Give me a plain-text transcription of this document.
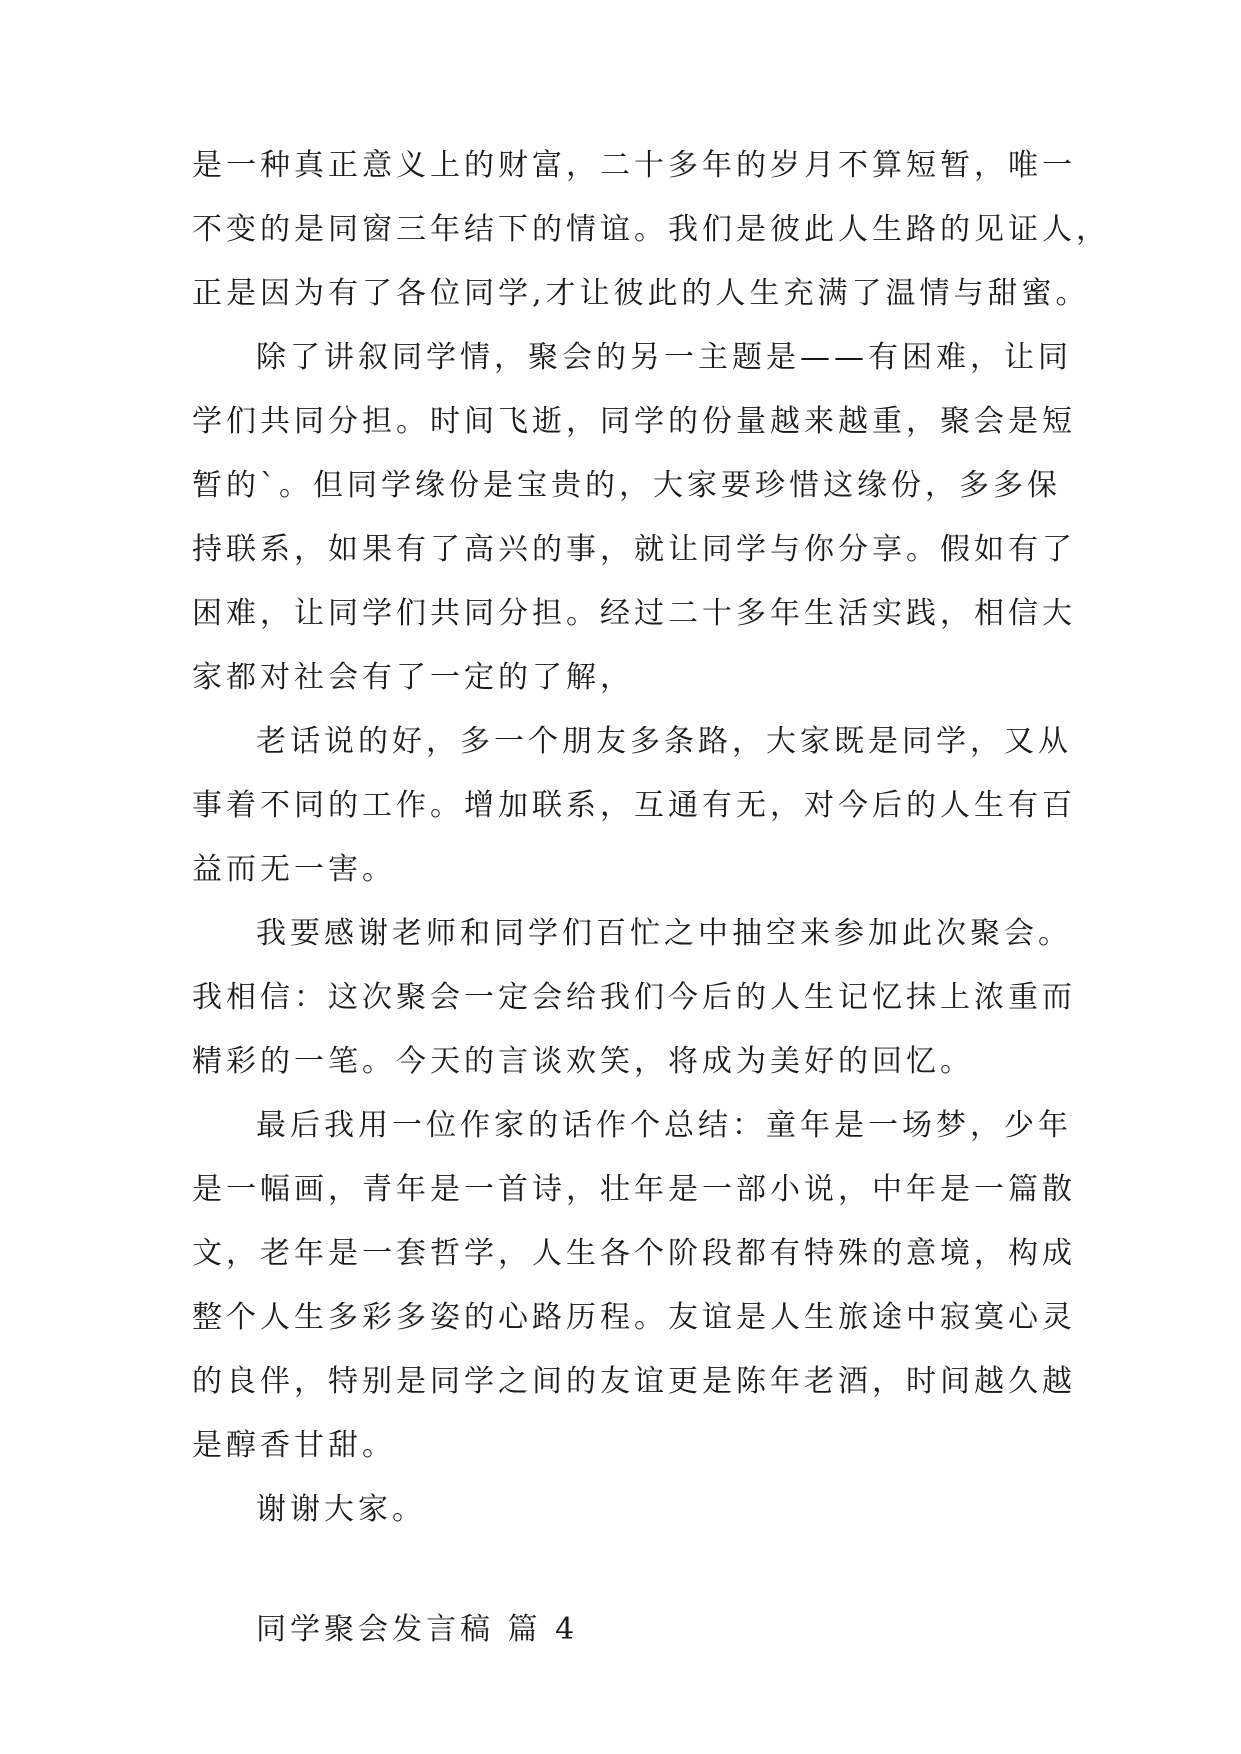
是一种真正意义上的财富，二十多年的岁月不算短暂，唯一
不变的是同窗三年结下的情谊。我们是彼此人生路的见证人，
正是因为有了各位同学,才让彼此的人生充满了温情与甜蜜。
除了讲叙同学情，聚会的另一主题是——有困难，让同
学们共同分担。时间飞逝，同学的份量越来越重，聚会是短
暂的`。但同学缘份是宝贵的，大家要珍惜这缘份，多多保
持联系，如果有了高兴的事，就让同学与你分享。假如有了
困难，让同学们共同分担。经过二十多年生活实践，相信大
家都对社会有了一定的了解，
老话说的好，多一个朋友多条路，大家既是同学，又从
事着不同的工作。增加联系，互通有无，对今后的人生有百
益而无一害。
我要感谢老师和同学们百忙之中抽空来参加此次聚会。
我相信：这次聚会一定会给我们今后的人生记忆抹上浓重而
精彩的一笔。今天的言谈欢笑，将成为美好的回忆。
最后我用一位作家的话作个总结：童年是一场梦，少年
是一幅画，青年是一首诗，壮年是一部小说，中年是一篇散
文，老年是一套哲学，人生各个阶段都有特殊的意境，构成
整个人生多彩多姿的心路历程。友谊是人生旅途中寂寞心灵
的良伴，特别是同学之间的友谊更是陈年老酒，时间越久越
是醇香甘甜。
谢谢大家。
同学聚会发言稿 篇 4
